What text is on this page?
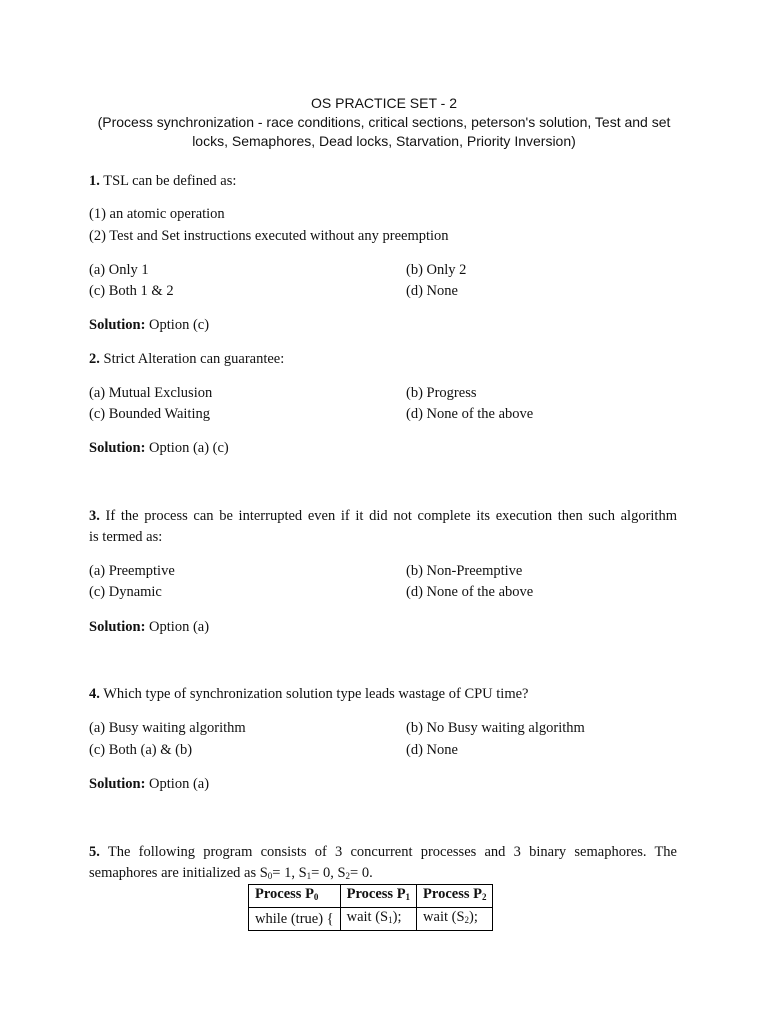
OS PRACTICE SET - 2
(Process synchronization - race conditions, critical sections, peterson's solution, Test and set
locks, Semaphores, Dead locks, Starvation, Priority Inversion)
1. TSL can be defined as:
(1) an atomic operation
(2) Test and Set instructions executed without any preemption
(a) Only 1	(b) Only 2
(c) Both 1 & 2	(d) None
Solution: Option (c)
2. Strict Alteration can guarantee:
(a) Mutual Exclusion	(b) Progress
(c) Bounded Waiting	(d) None of the above
Solution: Option (a) (c)
3. If the process can be interrupted even if it did not complete its execution then such algorithm
is termed as:
(a) Preemptive	(b) Non-Preemptive
(c) Dynamic	(d) None of the above
Solution: Option (a)
4. Which type of synchronization solution type leads wastage of CPU time?
(a) Busy waiting algorithm	(b) No Busy waiting algorithm
(c) Both (a) & (b)	(d) None
Solution: Option (a)
5. The following program consists of 3 concurrent processes and 3 binary semaphores. The
semaphores are initialized as $S_0= 1$, $S_1= 0$, $S_2= 0$.
Process $P_0$	Process $P_1$	Process $P_2$
while (true) {	wait $(S_1)$;	wait $(S_2)$;
